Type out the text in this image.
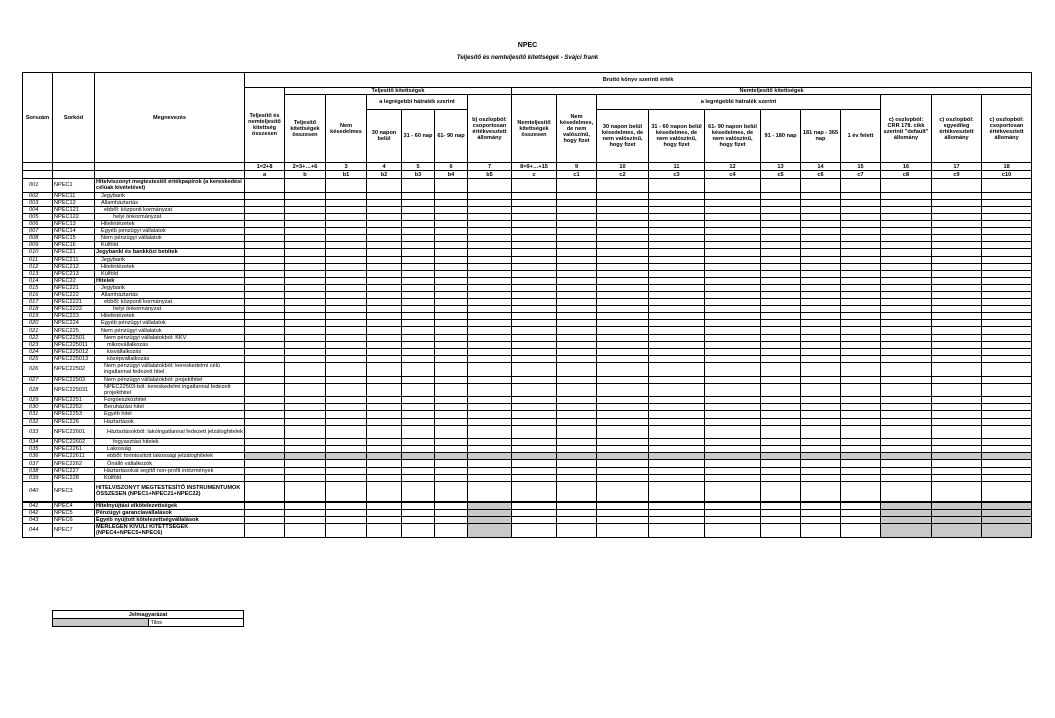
NPEC
Teljesítő és nemteljesítő kitettségek - Svájci frank
Sorszám	Sorkód	Megnevezés	Bruttó könyv szerinti érték																	
			Teljesítő és nemteljesítő kitettség összesen	Teljesítő kitettségek						Nemteljesítő kitettségek										
				Teljesítő kitettségek összesen	Nem késedelmes	a legrégebbi hátralék szerint			b) oszlopból: csoportosan értékvesztett állomány	Nemteljesítő kitettségek összesen	Nem késedelmes, de nem valószínű, hogy fizet	a legrégebbi hátralék szerint						c) oszlopból: CRR 178. cikk szerinti "default" állomány	c) oszlopból: egyedileg értékvesztett állomány	c) oszlopból: csoportosan értékvesztett állomány
						30 napon belül	31 - 60 nap	61- 90 nap				30 napon belül késedelmes, de nem valószínű, hogy fizet	31 - 60 napon belül késedelmes, de nem valószínű, hogy fizet	61- 90 napon belül késedelmes, de nem valószínű, hogy fizet	91 - 180 nap	181 nap - 365 nap	1 év felett			
			1=2+8	2=3+…+6	3	4	5	6	7	8=9+…+15	9	10	11	12	13	14	15	16	17	18
			a	b	b1	b2	b3	b4	b5	c	c1	c2	c3	c4	c5	c6	c7	c8	c9	c10
001	NPEC1	Hitelviszonyt megtestesítő értékpapírok (a kereskedési célúak kivételével)																		
002	NPEC11	Jegybank																		
003	NPEC12	Államháztartás																		
004	NPEC121	ebből: központi kormányzat																		
005	NPEC122	helyi önkormányzat																		
006	NPEC13	Hitelintézetek																		
007	NPEC14	Egyéb pénzügyi vállalatok																		
008	NPEC15	Nem pénzügyi vállalatok																		
009	NPEC16	Külföld																		
010	NPEC21	Jegybanki és bankközi betétek																		
011	NPEC211	Jegybank																		
012	NPEC212	Hitelintézetek																		
013	NPEC213	Külföld																		
014	NPEC22	Hitelek																		
015	NPEC221	Jegybank																		
016	NPEC222	Államháztartás																		
017	NPEC2221	ebből: központi kormányzat																		
018	NPEC2222	helyi önkormányzat																		
019	NPEC223	Hitelintézetek																		
020	NPEC224	Egyéb pénzügyi vállalatok																		
021	NPEC225	Nem pénzügyi vállalatok																		
022	NPEC22501	Nem pénzügyi vállalatokból: KKV																		
023	NPEC225011	mikrovállalkozás																		
024	NPEC225012	kisvállalkozás																		
025	NPEC225013	középvállalkozás																		
026	NPEC22502	Nem pénzügyi vállalatokból: kereskedelmi célú ingatlannal fedezett hitel																		
027	NPEC22503	Nem pénzügyi vállalatokból: projekthitel																		
028	NPEC225031	NPEC22503-ból: kereskedelmi ingatlannal fedezett projekthitel																		
029	NPEC2251	Forgóeszközhitel																		
030	NPEC2252	Beruházási hitel																		
031	NPEC2253	Egyéb hitel																		
032	NPEC226	Háztartások																		
033	NPEC22601	Háztartásokból: lakóingatlannal fedezett jelzáloghitelek																		
034	NPEC22602	fogyasztási hitelek																		
035	NPEC2261	Lakosság																		
036	NPEC22611	ebből: forintosított lakossági jelzáloghitelek																		
037	NPEC2262	Önálló vállalkozók																		
038	NPEC227	Háztartásokat segítő non-profit intézmények																		
039	NPEC228	Külföld																		
040	NPEC3	HITELVISZONYT MEGTESTESÍTŐ INSTRUMENTUMOK ÖSSZESEN (NPEC1+NPEC21+NPEC22)																		
041	NPEC4	Hitelnyújtási elkötelezettségek																		
042	NPEC5	Pénzügyi garanciavállalások																		
043	NPEC6	Egyéb nyújtott kötelezettségvállalások																		
044	NPEC7	MÉRLEGEN KÍVÜLI KITETTSÉGEK (NPEC4+NPEC5+NPEC6)																		
Jelmagyarázat
	Tilos
